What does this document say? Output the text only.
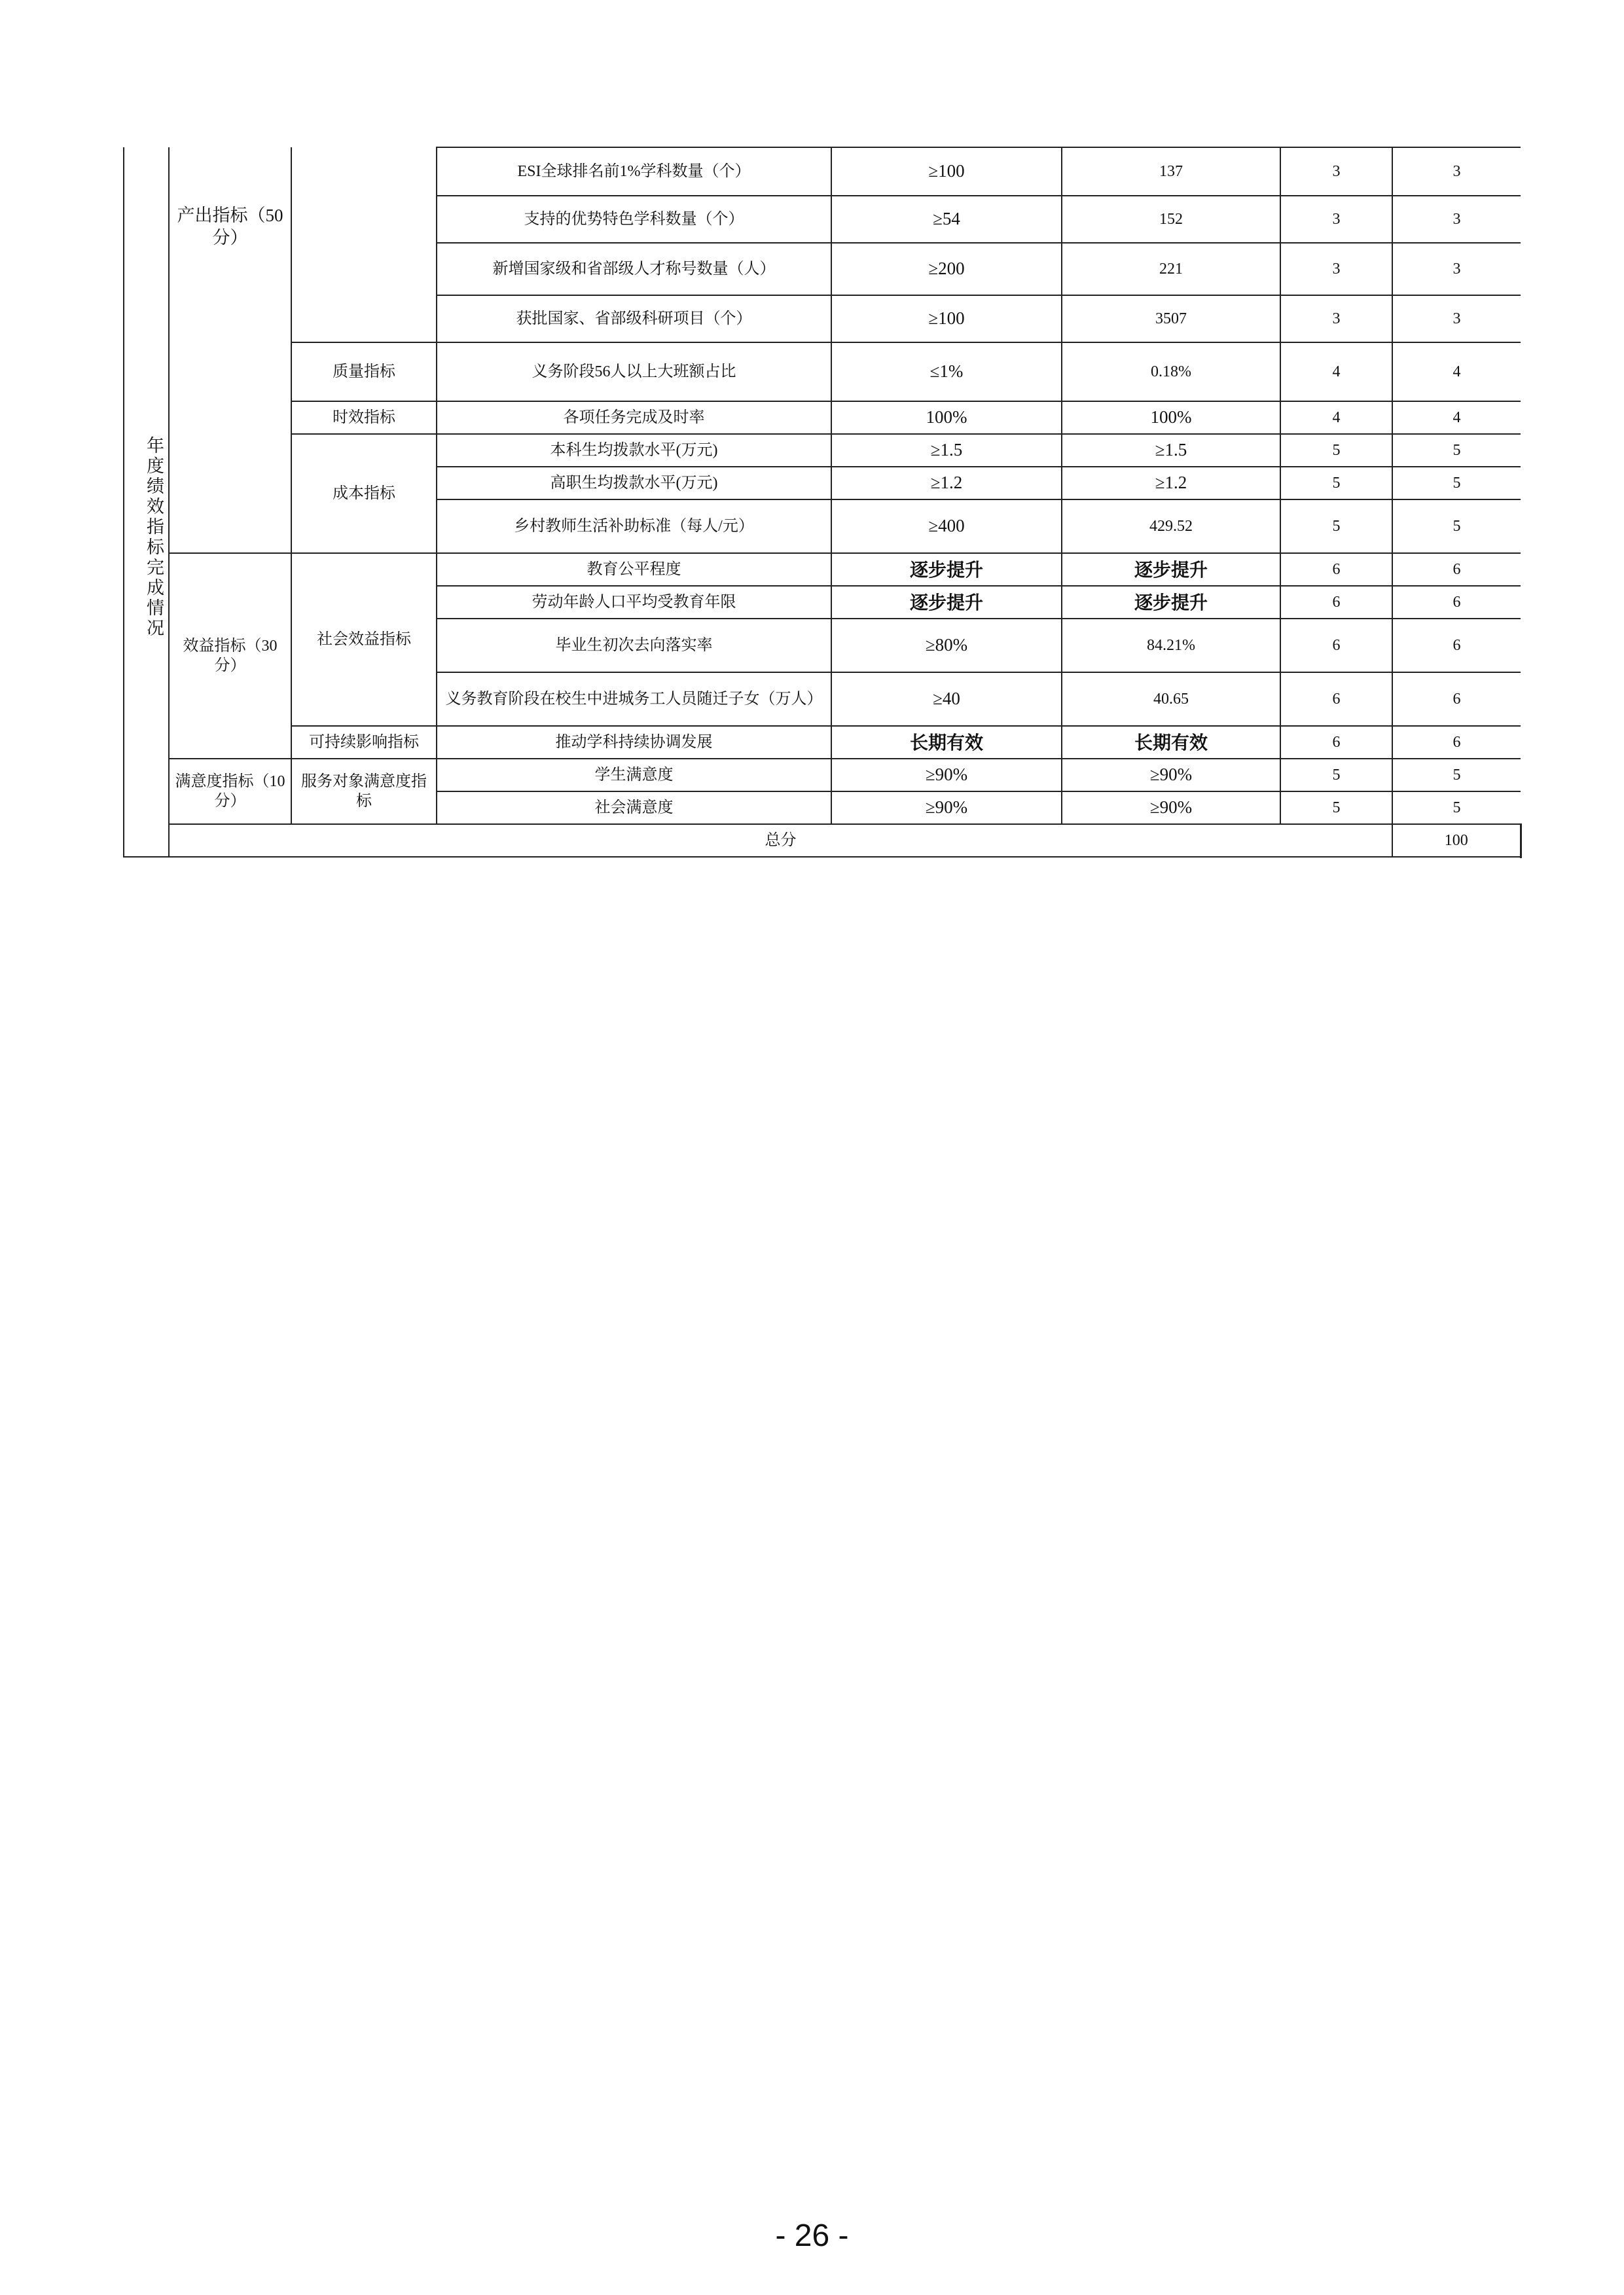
年度绩效指标完成情况	产出指标（50分）		ESI全球排名前1%学科数量（个）	≥100	137	3	3	
			支持的优势特色学科数量（个）	≥54	152	3	3	
			新增国家级和省部级人才称号数量（人）	≥200	221	3	3	
			获批国家、省部级科研项目（个）	≥100	3507	3	3	
		质量指标	义务阶段56人以上大班额占比	≤1%	0.18%	4	4	
		时效指标	各项任务完成及时率	100%	100%	4	4	
		成本指标	本科生均拨款水平(万元)	≥1.5	≥1.5	5	5	
			高职生均拨款水平(万元)	≥1.2	≥1.2	5	5	
			乡村教师生活补助标准（每人/元）	≥400	429.52	5	5	
	效益指标（30分）	社会效益指标	教育公平程度	逐步提升	逐步提升	6	6	
			劳动年龄人口平均受教育年限	逐步提升	逐步提升	6	6	
			毕业生初次去向落实率	≥80%	84.21%	6	6	
			义务教育阶段在校生中进城务工人员随迁子女（万人）	≥40	40.65	6	6	
		可持续影响指标	推动学科持续协调发展	长期有效	长期有效	6	6	
	满意度指标（10分）	服务对象满意度指标	学生满意度	≥90%	≥90%	5	5	
			社会满意度	≥90%	≥90%	5	5	
	总分						100	
- 26 -
